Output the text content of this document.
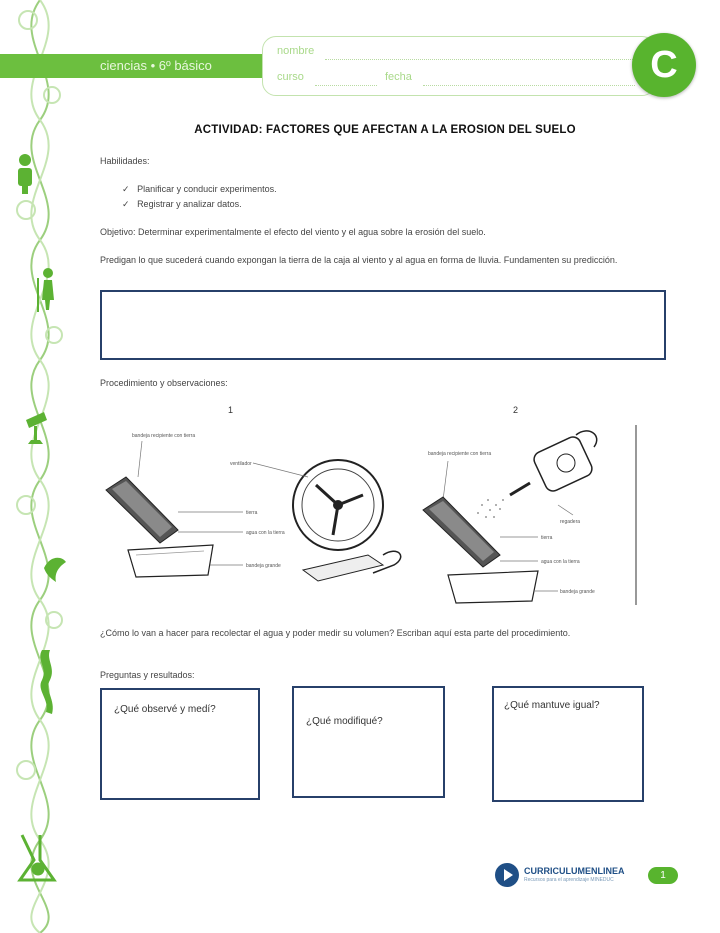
ciencias • 6º básico
nombre
curso	fecha	C
ACTIVIDAD: FACTORES QUE AFECTAN A LA EROSION DEL SUELO
Habilidades:
✓ Planificar y conducir experimentos.
✓ Registrar y analizar datos.
Objetivo: Determinar experimentalmente el efecto del viento y el agua sobre la erosión del suelo.
Predigan lo que sucederá cuando expongan la tierra de la caja al viento y al agua en forma de lluvia. Fundamenten su predicción.
Procedimiento y observaciones:
1
bandeja recipiente con tierra
ventilador
tierra
agua con la tierra
bandeja grande
2
bandeja recipiente con tierra
regadera
tierra
agua con la tierra
bandeja grande
¿Cómo lo van a hacer para recolectar el agua y poder medir su volumen? Escriban aquí esta parte del procedimiento.
Preguntas y resultados:
¿Qué observé y medí?
¿Qué modifiqué?
¿Qué mantuve igual?
CURRICULUMENLINEA
Recursos para el aprendizaje MINEDUC	1
